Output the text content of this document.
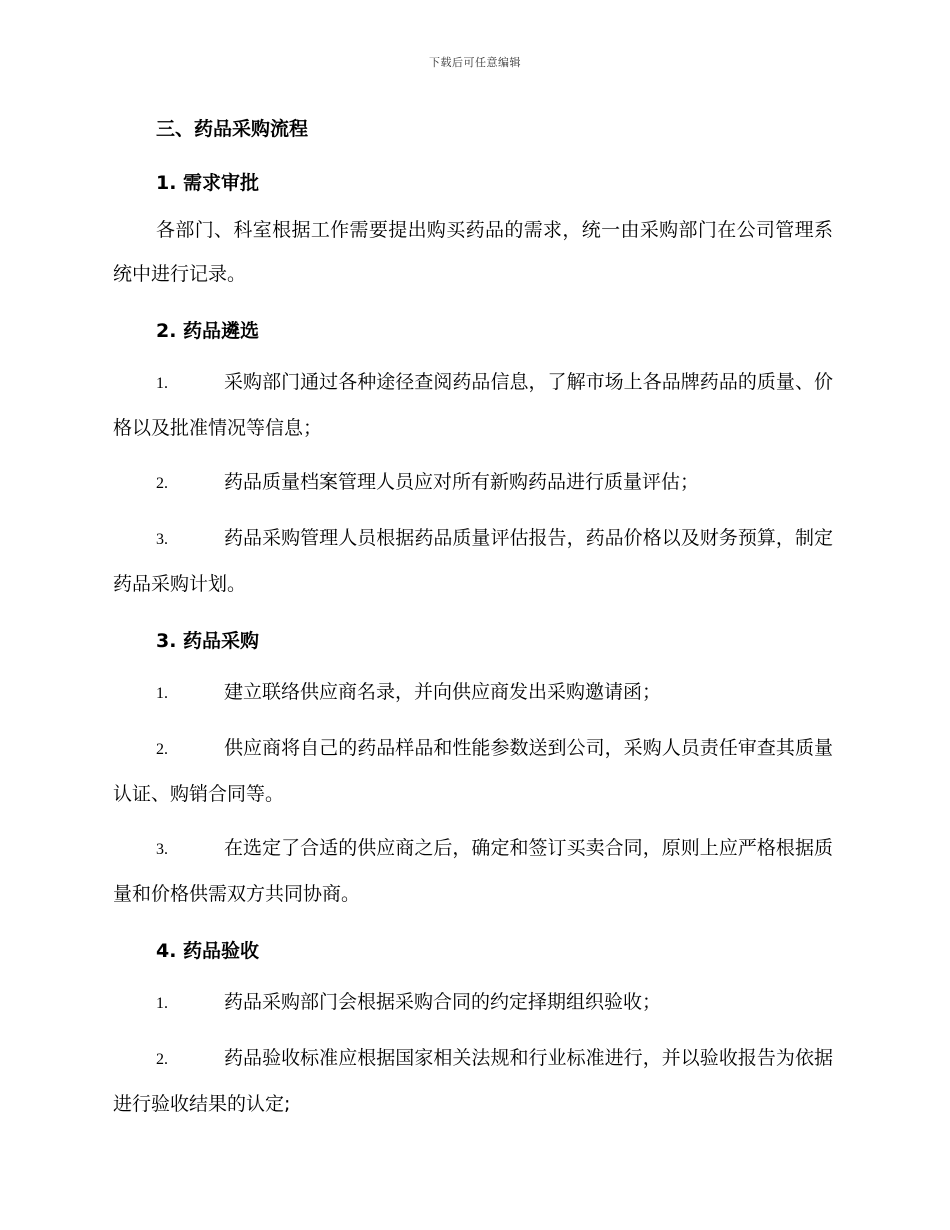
下载后可任意编辑
三、药品采购流程
1. 需求审批
各部门、科室根据工作需要提出购买药品的需求，统一由采购部门在公司管理系统中进行记录。
2. 药品遴选
1.	采购部门通过各种途径查阅药品信息，了解市场上各品牌药品的质量、价格以及批准情况等信息；
2.	药品质量档案管理人员应对所有新购药品进行质量评估；
3.	药品采购管理人员根据药品质量评估报告，药品价格以及财务预算，制定药品采购计划。
3. 药品采购
1.	建立联络供应商名录，并向供应商发出采购邀请函；
2.	供应商将自己的药品样品和性能参数送到公司，采购人员责任审查其质量认证、购销合同等。
3.	在选定了合适的供应商之后，确定和签订买卖合同，原则上应严格根据质量和价格供需双方共同协商。
4. 药品验收
1.	药品采购部门会根据采购合同的约定择期组织验收；
2.	药品验收标准应根据国家相关法规和行业标准进行，并以验收报告为依据进行验收结果的认定;
